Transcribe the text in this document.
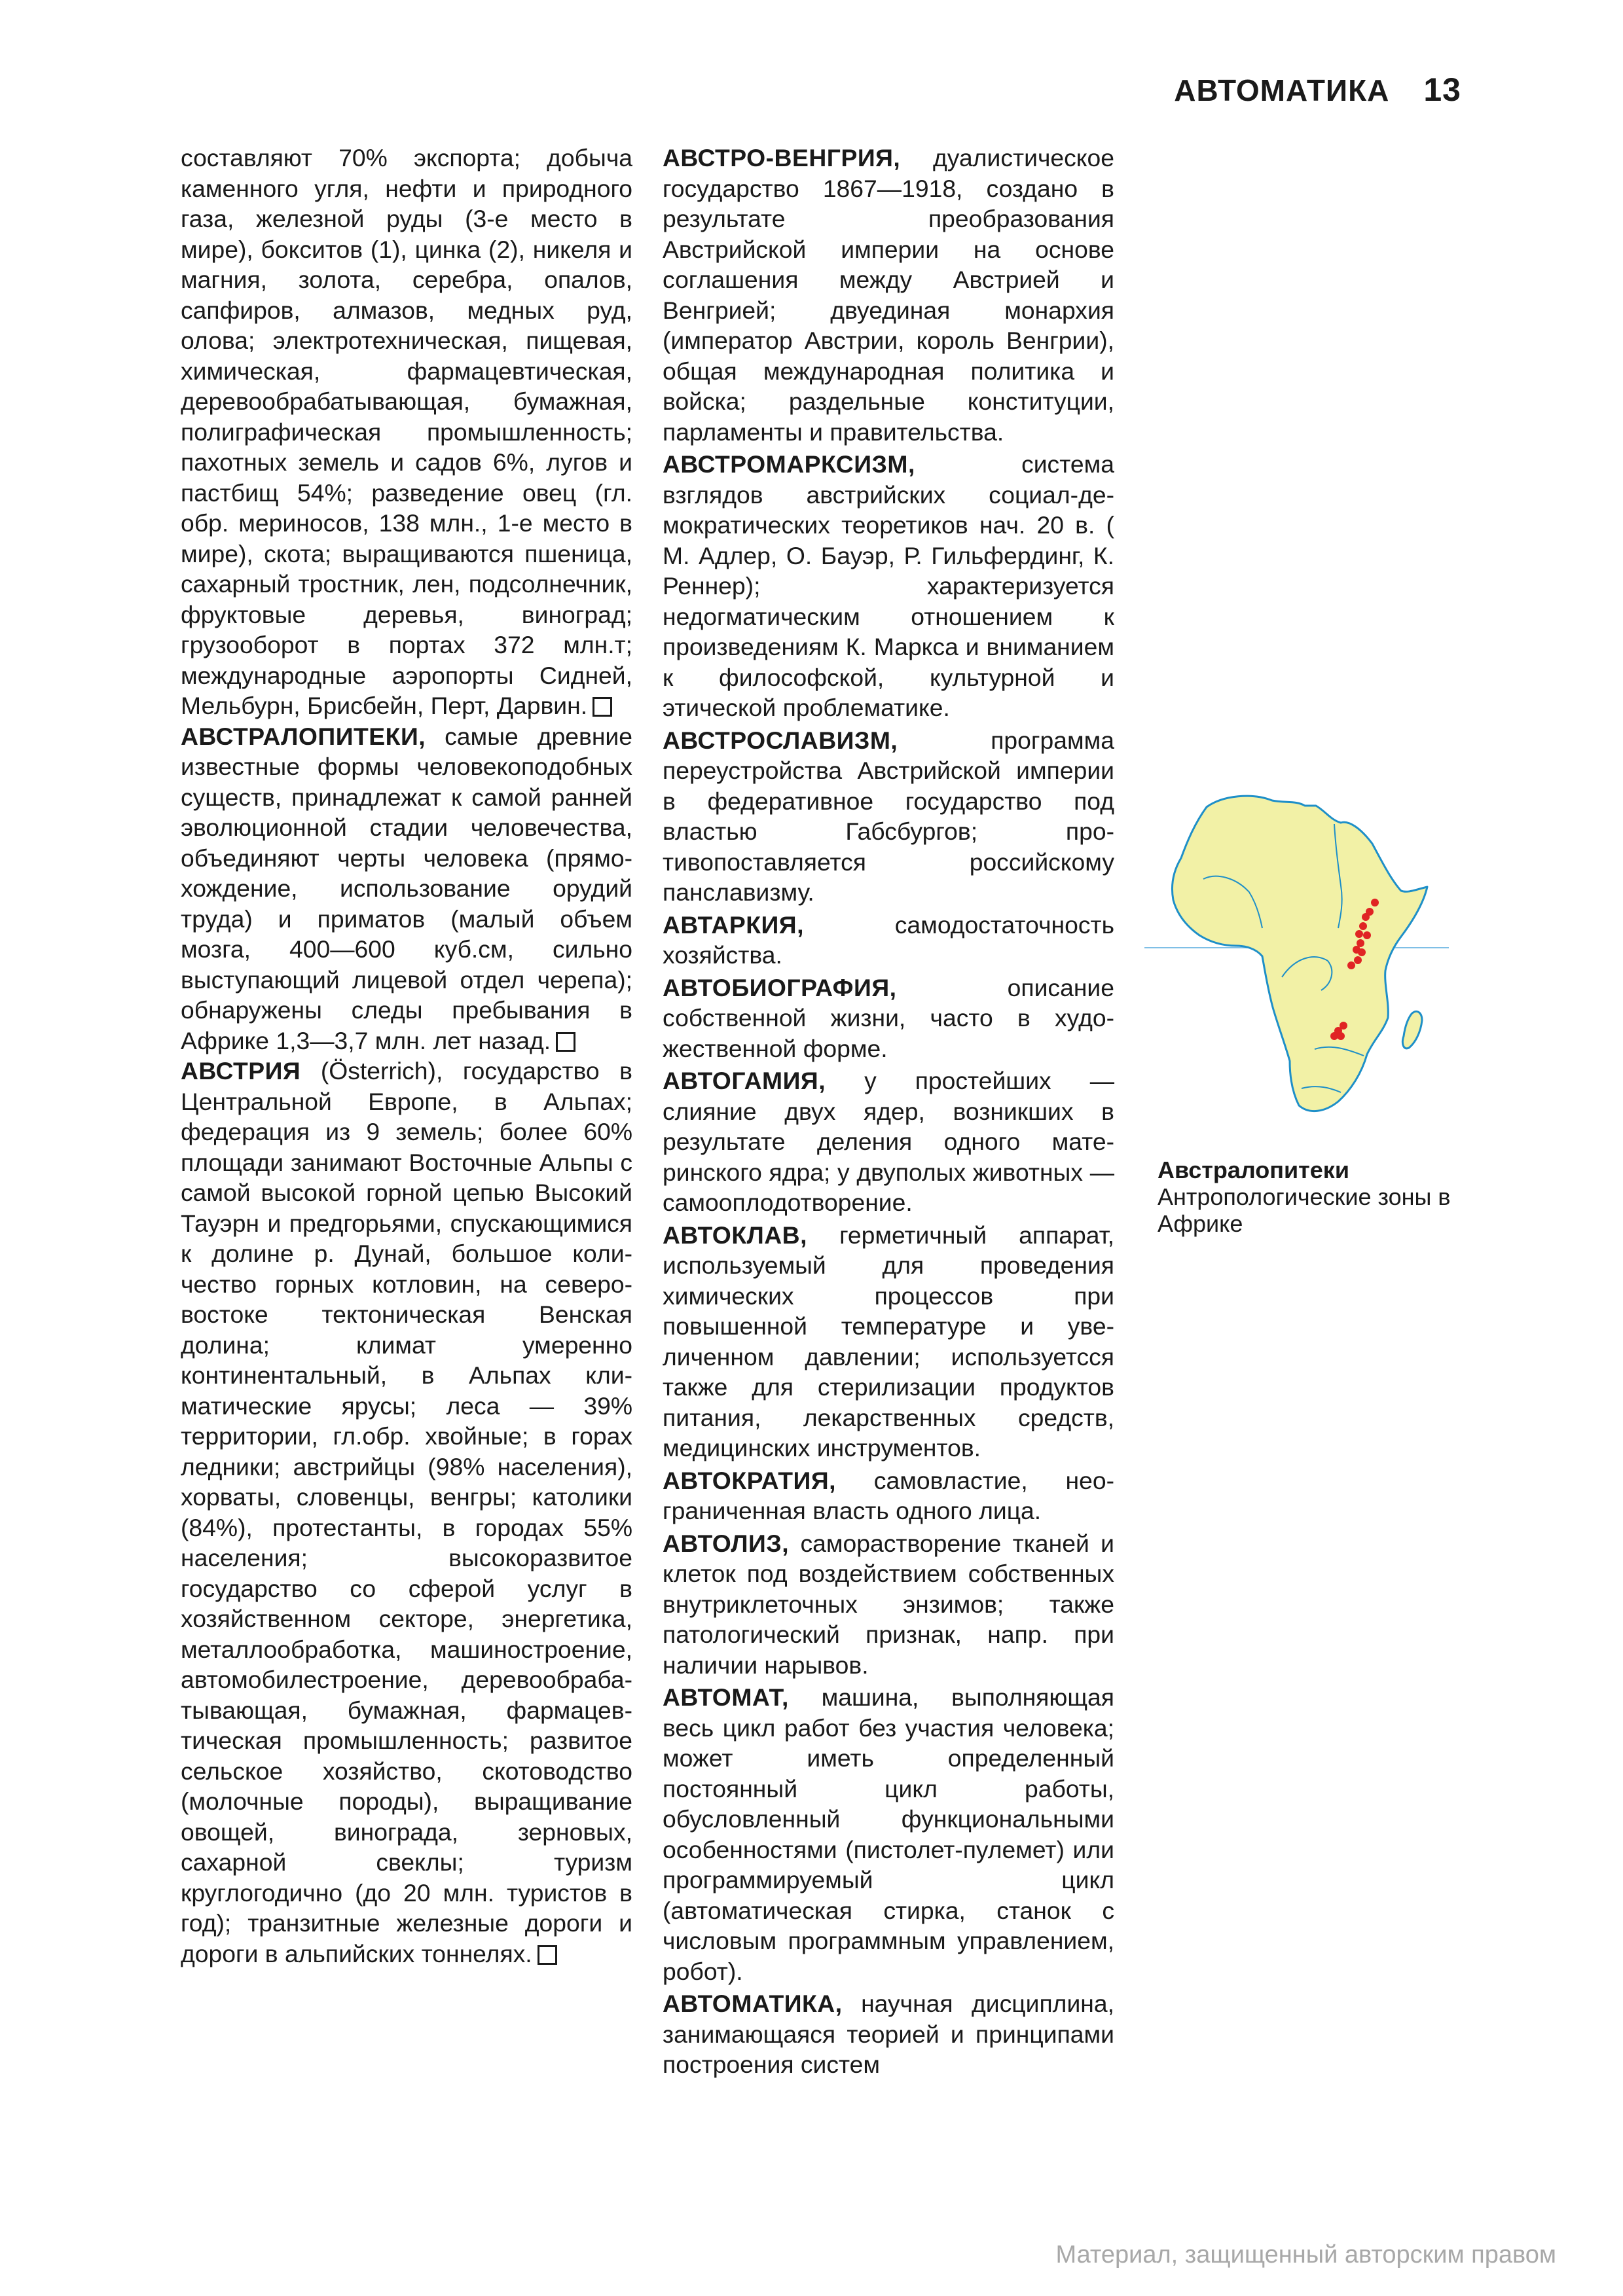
АВТОМАТИКА 13

составляют 70% экспорта; добыча каменного угля, нефти и природного газа, железной руды (3-е место в мире), бокситов (1), цинка (2), никеля и магния, золота, серебра, опалов, сапфиров, алмазов, медных руд, олова; электротехническая, пищевая, химическая, фармацевтическая, деревообрабатывающая, бумажная, полиграфическая промышленность; пахотных земель и садов 6%, лугов и пастбищ 54%; разведение овец (гл. обр. мериносов, 138 млн., 1-е место в мире), скота; выращиваются пшеница, сахарный тростник, лен, подсолнечник, фруктовые деревья, виноград; грузооборот в портах 372 млн.т; международные аэропорты Сидней, Мельбурн, Брисбейн, Перт, Дарвин.

АВСТРАЛОПИТЕКИ, самые древние известные формы человекоподобных существ, принадлежат к самой ранней эволюционной стадии человечества, объединяют черты человека (прямохождение, использование орудий труда) и приматов (малый объем мозга, 400—600 куб.см, сильно выступающий лицевой отдел черепа); обнаружены следы пребывания в Африке 1,3—3,7 млн. лет назад.

АВСТРИЯ (Österrich), государство в Центральной Европе, в Альпах; федерация из 9 земель; более 60% площади занимают Восточные Альпы с самой высокой горной цепью Высокий Тауэрн и предгорьями, спускающимися к долине р. Дунай, большое количество горных котловин, на северо-востоке тектоническая Венская долина; климат умеренно континентальный, в Альпах климатические ярусы; леса — 39% территории, гл.обр. хвойные; в горах ледники; австрийцы (98% населения), хорваты, словенцы, венгры; католики (84%), протестанты, в городах 55% населения; высокоразвитое государство со сферой услуг в хозяйственном секторе, энергетика, металлообработка, машиностроение, автомобилестроение, деревообрабатывающая, бумажная, фармацевтическая промышленность; развитое сельское хозяйство, скотоводство (молочные породы), выращивание овощей, винограда, зерновых, сахарной свеклы; туризм круглогодично (до 20 млн. туристов в год); транзитные железные дороги и дороги в альпийских тоннелях.

АВСТРО-ВЕНГРИЯ, дуалистическое государство 1867—1918, создано в результате преобразования Австрийской империи на основе соглашения между Австрией и Венгрией; двуединая монархия (император Австрии, король Венгрии), общая международная политика и войска; раздельные конституции, парламенты и правительства.

АВСТРОМАРКСИЗМ,	система взглядов австрийских социал-демократических теоретиков нач. 20 в. ( М. Адлер, О. Бауэр, Р. Гильфердинг, К. Реннер); характеризуется недогматическим отношением к произведениям К. Маркса и вниманием к философской, культурной и этической проблематике.

АВСТРОСЛАВИЗМ,	программа переустройства Австрийской империи в федеративное государство под властью Габсбургов; противопоставляется российскому панславизму.

АВТАРКИЯ,	самодостаточность хозяйства.

АВТОБИОГРАФИЯ,	описание собственной жизни, часто в художественной форме.

АВТОГАМИЯ, у простейших — слияние двух ядер, возникших в результате деления одного материнского ядра; у двуполых животных — самооплодотворение.

АВТОКЛАВ, герметичный аппарат, используемый для проведения химических процессов при повышенной температуре и увеличенном давлении; используетсся также для стерилизации продуктов питания, лекарственных средств, медицинских инструментов.

АВТОКРАТИЯ, самовластие, неограниченная власть одного лица.

АВТОЛИЗ, саморастворение тканей и клеток под воздействием собственных внутриклеточных энзимов; также патологический признак, напр. при наличии нарывов.

АВТОМАТ, машина, выполняющая весь цикл работ без участия человека; может иметь определенный постоянный цикл работы, обусловленный функциональными особенностями (пистолет-пулемет) или программируемый цикл (автоматическая стирка, станок с числовым программным управлением, робот).

АВТОМАТИКА, научная дисциплина, занимающаяся теорией и принципами построения систем

Австралопитеки
Антропологические зоны в Африке
Материал, защищенный авторским правом
